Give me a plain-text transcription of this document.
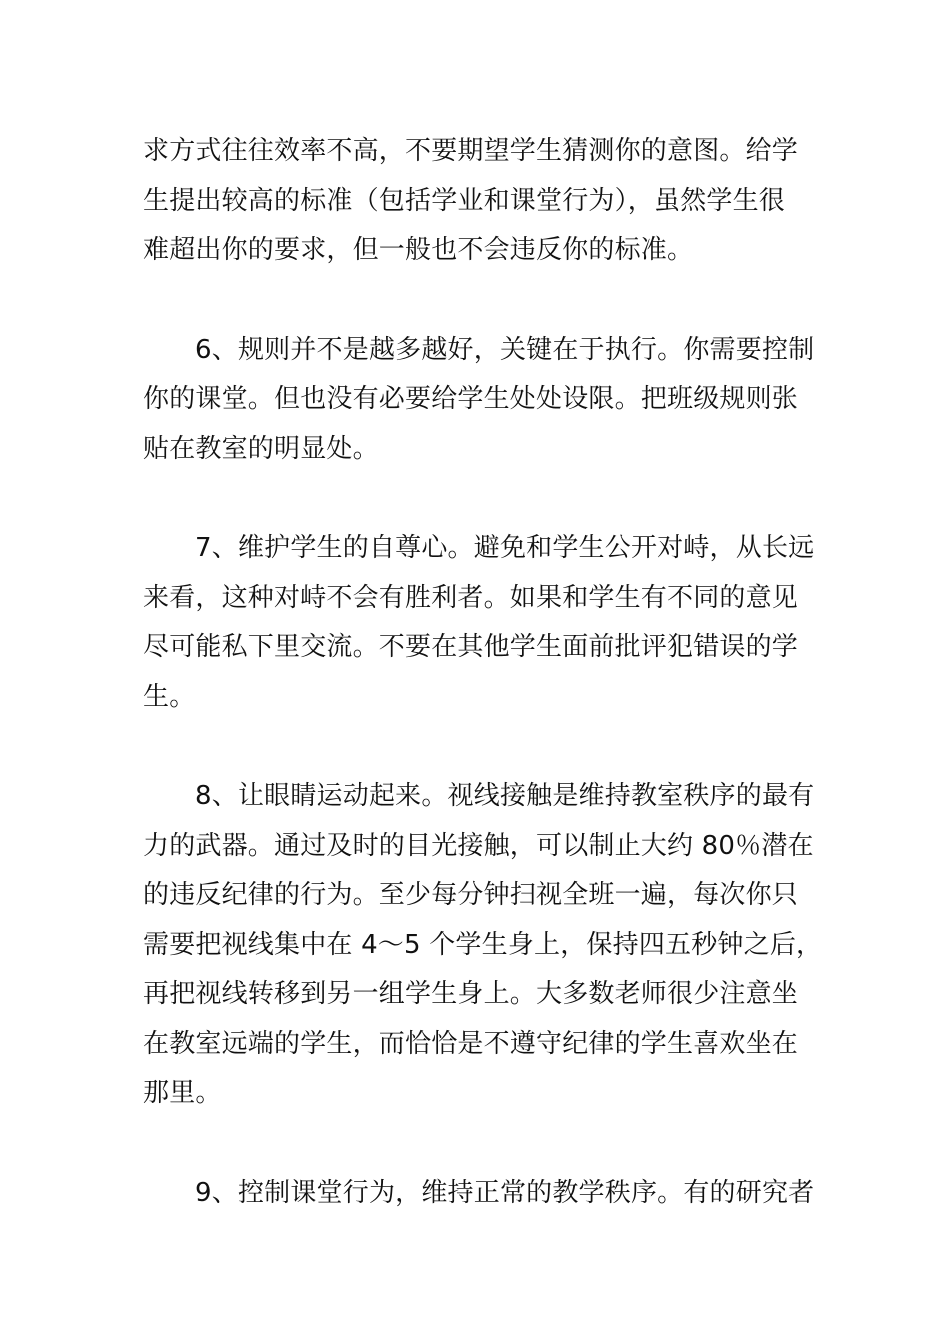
求方式往往效率不高，不要期望学生猜测你的意图。给学
生提出较高的标准（包括学业和课堂行为），虽然学生很
难超出你的要求，但一般也不会违反你的标准。
6、规则并不是越多越好，关键在于执行。你需要控制
你的课堂。但也没有必要给学生处处设限。把班级规则张
贴在教室的明显处。
7、维护学生的自尊心。避免和学生公开对峙，从长远
来看，这种对峙不会有胜利者。如果和学生有不同的意见
尽可能私下里交流。不要在其他学生面前批评犯错误的学
生。
8、让眼睛运动起来。视线接触是维持教室秩序的最有
力的武器。通过及时的目光接触，可以制止大约 80％潜在
的违反纪律的行为。至少每分钟扫视全班一遍，每次你只
需要把视线集中在 4～5 个学生身上，保持四五秒钟之后，
再把视线转移到另一组学生身上。大多数老师很少注意坐
在教室远端的学生，而恰恰是不遵守纪律的学生喜欢坐在
那里。
9、控制课堂行为，维持正常的教学秩序。有的研究者
